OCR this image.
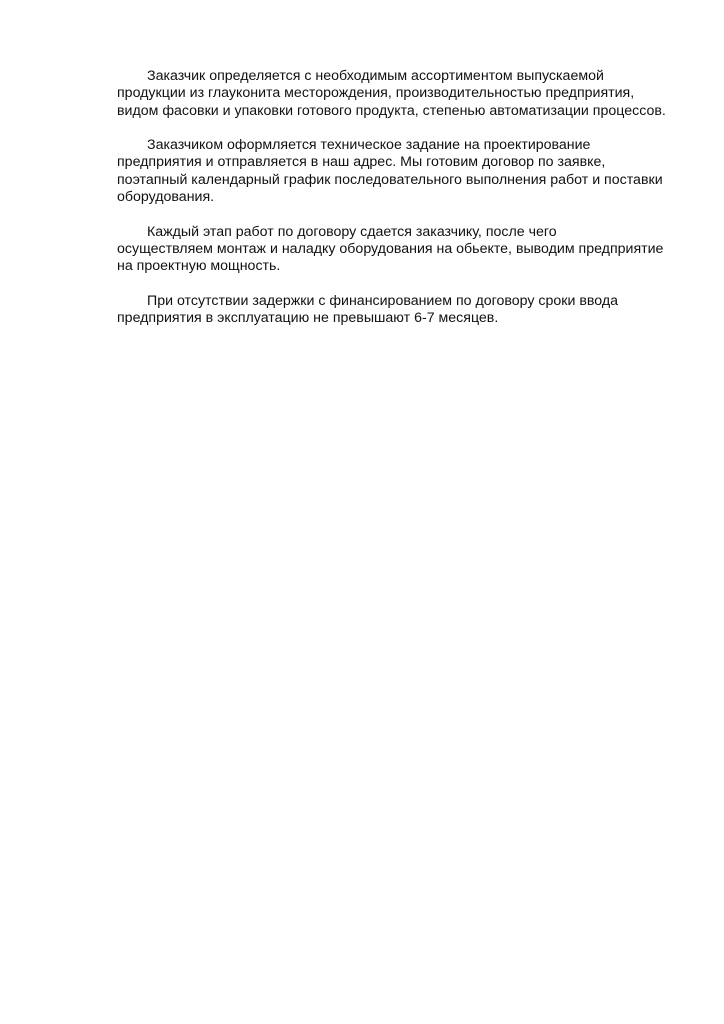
Заказчик определяется с необходимым ассортиментом выпускаемой
продукции из глауконита месторождения, производительностью предприятия,
видом фасовки и упаковки готового продукта, степенью автоматизации процессов.

Заказчиком оформляется техническое задание на проектирование
предприятия и отправляется в наш адрес. Мы готовим договор по заявке,
поэтапный календарный график последовательного выполнения работ и поставки
оборудования.

Каждый этап работ по договору сдается заказчику, после чего
осуществляем монтаж и наладку оборудования на обьекте, выводим предприятие
на проектную мощность.

При отсутствии задержки с финансированием по договору сроки ввода
предприятия в эксплуатацию не превышают 6-7 месяцев.
